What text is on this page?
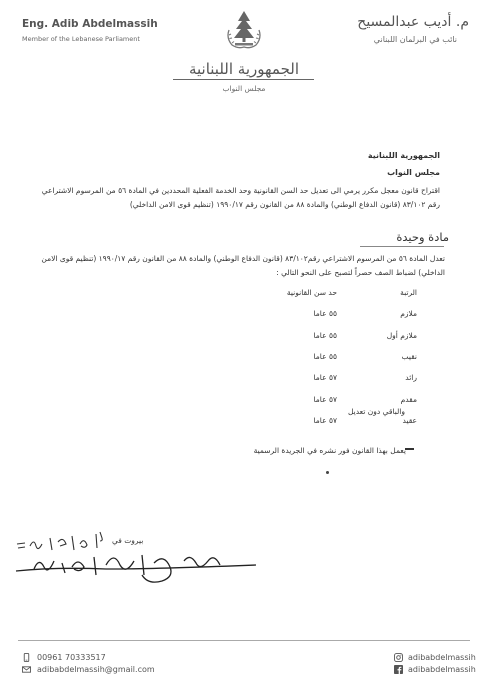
Eng. Adib Abdelmassih
Member of the Lebanese Parliament
م. أديب عبدالمسيح
نائب في البرلمان اللبناني
الجمهورية اللبنانية
مجلس النواب
الجمهورية اللبنانية
مجلس النواب
اقتراح قانون معجل مكرر يرمي الى تعديل حد السن القانونية وحد الخدمة الفعلية المحددين في المادة ٥٦ من المرسوم الاشتراعي رقم ٨٣/١٠٢ (قانون الدفاع الوطني) والمادة ٨٨ من القانون رقم ١٩٩٠/١٧ (تنظيم قوى الامن الداخلي)
مادة وحيدة
تعدل المادة ٥٦ من المرسوم الاشتراعي رقم٨٣/١٠٢ (قانون الدفاع الوطني) والمادة ٨٨ من القانون رقم ١٩٩٠/١٧ (تنظيم قوى الامن الداخلي) لضباط الصف حصراً لتصبح على النحو التالي :
الرتبة	حد سن القانونية
ملازم	٥٥ عاما
ملازم أول	٥٥ عاما
نقيب	٥٥ عاما
رائد	٥٧ عاما
مقدم	٥٧ عاما
عقيد	٥٧ عاما
والباقي دون تعديل
يعمل بهذا القانون فور نشره في الجريدة الرسمية
بيروت في
00961 70333517
adibabdelmassih@gmail.com
adibabdelmassih
adibabdelmassih
